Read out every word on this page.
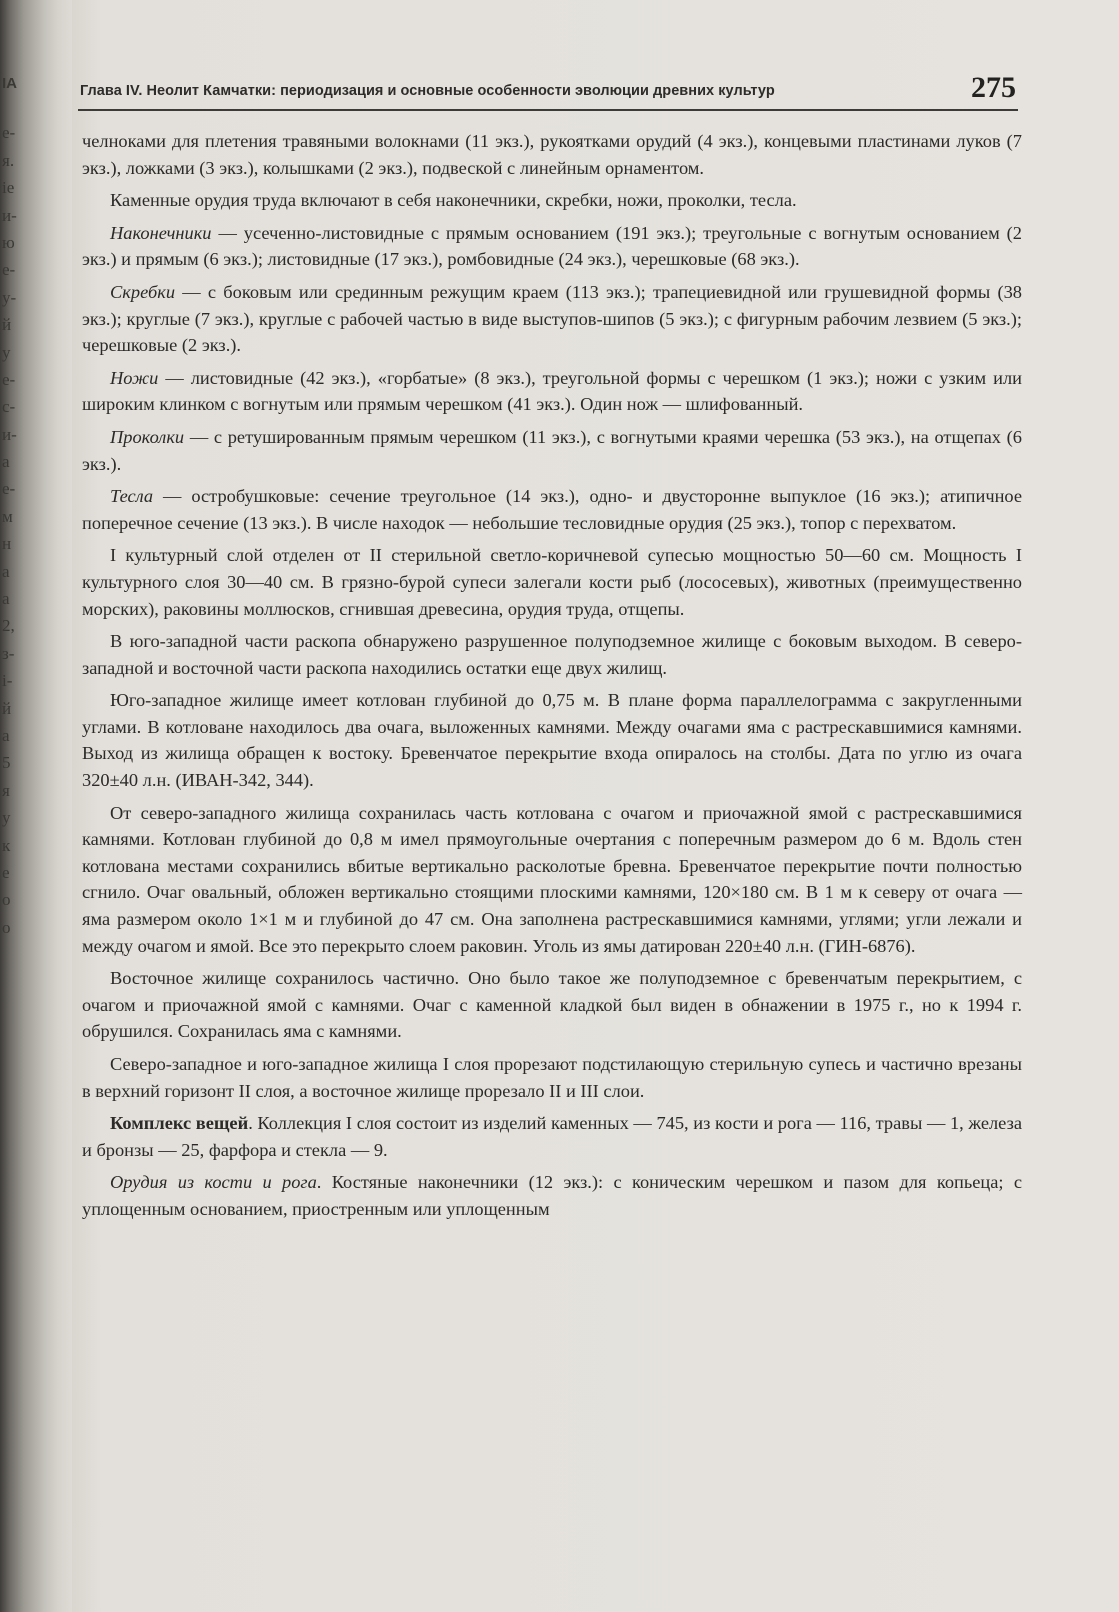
IA
е-
я.
іе
и-
ю
е-
у-
й
у
е-
с-
и-
а
е-
м
н
а
а
2,
з-
і-
й
а
5
я
у
к
е
о
о
Глава IV. Неолит Камчатки: периодизация и основные особенности эволюции древних культур	275

челноками для плетения травяными волокнами (11 экз.), рукоятками орудий (4 экз.), концевыми пластинами луков (7 экз.), ложками (3 экз.), колышками (2 экз.), подвеской с линейным орнаментом.

Каменные орудия труда включают в себя наконечники, скребки, ножи, проколки, тесла.

Наконечники — усеченно-листовидные с прямым основанием (191 экз.); треугольные с вогнутым основанием (2 экз.) и прямым (6 экз.); листовидные (17 экз.), ромбовидные (24 экз.), черешковые (68 экз.).

Скребки — с боковым или срединным режущим краем (113 экз.); трапециевидной или грушевидной формы (38 экз.); круглые (7 экз.), круглые с рабочей частью в виде выступов-шипов (5 экз.); с фигурным рабочим лезвием (5 экз.); черешковые (2 экз.).

Ножи — листовидные (42 экз.), «горбатые» (8 экз.), треугольной формы с черешком (1 экз.); ножи с узким или широким клинком с вогнутым или прямым черешком (41 экз.). Один нож — шлифованный.

Проколки — с ретушированным прямым черешком (11 экз.), с вогнутыми краями черешка (53 экз.), на отщепах (6 экз.).

Тесла — остробушковые: сечение треугольное (14 экз.), одно- и двусторонне выпуклое (16 экз.); атипичное поперечное сечение (13 экз.). В числе находок — небольшие тесловидные орудия (25 экз.), топор с перехватом.

I культурный слой отделен от II стерильной светло-коричневой супесью мощностью 50—60 см. Мощность I культурного слоя 30—40 см. В грязно-бурой супеси залегали кости рыб (лососевых), животных (преимущественно морских), раковины моллюсков, сгнившая древесина, орудия труда, отщепы.

В юго-западной части раскопа обнаружено разрушенное полуподземное жилище с боковым выходом. В северо-западной и восточной части раскопа находились остатки еще двух жилищ.

Юго-западное жилище имеет котлован глубиной до 0,75 м. В плане форма параллелограмма с закругленными углами. В котловане находилось два очага, выложенных камнями. Между очагами яма с растрескавшимися камнями. Выход из жилища обращен к востоку. Бревенчатое перекрытие входа опиралось на столбы. Дата по углю из очага 320±40 л.н. (ИВАН-342, 344).

От северо-западного жилища сохранилась часть котлована с очагом и приочажной ямой с растрескавшимися камнями. Котлован глубиной до 0,8 м имел прямоугольные очертания с поперечным размером до 6 м. Вдоль стен котлована местами сохранились вбитые вертикально расколотые бревна. Бревенчатое перекрытие почти полностью сгнило. Очаг овальный, обложен вертикально стоящими плоскими камнями, 120×180 см. В 1 м к северу от очага — яма размером около 1×1 м и глубиной до 47 см. Она заполнена растрескавшимися камнями, углями; угли лежали и между очагом и ямой. Все это перекрыто слоем раковин. Уголь из ямы датирован 220±40 л.н. (ГИН-6876).

Восточное жилище сохранилось частично. Оно было такое же полуподземное с бревенчатым перекрытием, с очагом и приочажной ямой с камнями. Очаг с каменной кладкой был виден в обнажении в 1975 г., но к 1994 г. обрушился. Сохранилась яма с камнями.

Северо-западное и юго-западное жилища I слоя прорезают подстилающую стерильную супесь и частично врезаны в верхний горизонт II слоя, а восточное жилище прорезало II и III слои.

Комплекс вещей. Коллекция I слоя состоит из изделий каменных — 745, из кости и рога — 116, травы — 1, железа и бронзы — 25, фарфора и стекла — 9.

Орудия из кости и рога. Костяные наконечники (12 экз.): с коническим черешком и пазом для копьеца; с уплощенным основанием, приостренным или уплощенным
